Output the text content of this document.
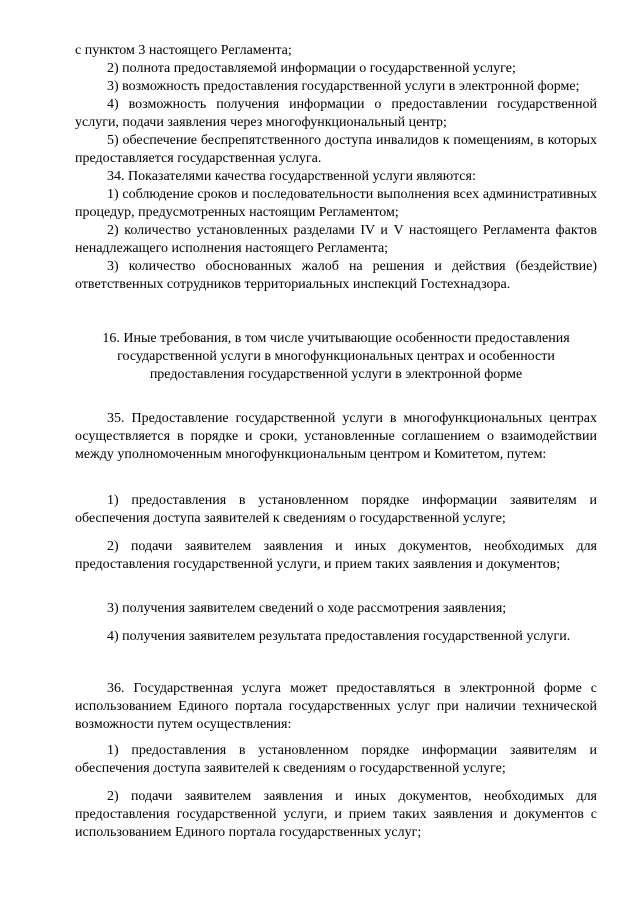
с пунктом 3 настоящего Регламента;

2) полнота предоставляемой информации о государственной услуге;

3) возможность предоставления государственной услуги в электронной форме;

4) возможность получения информации о предоставлении государственной услуги, подачи заявления через многофункциональный центр;

5) обеспечение беспрепятственного доступа инвалидов к помещениям, в которых предоставляется государственная услуга.

34. Показателями качества государственной услуги являются:

1) соблюдение сроков и последовательности выполнения всех административных процедур, предусмотренных настоящим Регламентом;

2) количество установленных разделами IV и V настоящего Регламента фактов ненадлежащего исполнения настоящего Регламента;

3) количество обоснованных жалоб на решения и действия (бездействие) ответственных сотрудников территориальных инспекций Гостехнадзора.

16. Иные требования, в том числе учитывающие особенности предоставления
государственной услуги в многофункциональных центрах и особенности
предоставления государственной услуги в электронной форме

35. Предоставление государственной услуги в многофункциональных центрах осуществляется в порядке и сроки, установленные соглашением о взаимодействии между уполномоченным многофункциональным центром и Комитетом, путем:

1) предоставления в установленном порядке информации заявителям и обеспечения доступа заявителей к сведениям о государственной услуге;

2) подачи заявителем заявления и иных документов, необходимых для предоставления государственной услуги, и прием таких заявления и документов;

3) получения заявителем сведений о ходе рассмотрения заявления;

4) получения заявителем результата предоставления государственной услуги.

36. Государственная услуга может предоставляться в электронной форме с использованием Единого портала государственных услуг при наличии технической возможности путем осуществления:

1) предоставления в установленном порядке информации заявителям и обеспечения доступа заявителей к сведениям о государственной услуге;

2) подачи заявителем заявления и иных документов, необходимых для предоставления государственной услуги, и прием таких заявления и документов с использованием Единого портала государственных услуг;
